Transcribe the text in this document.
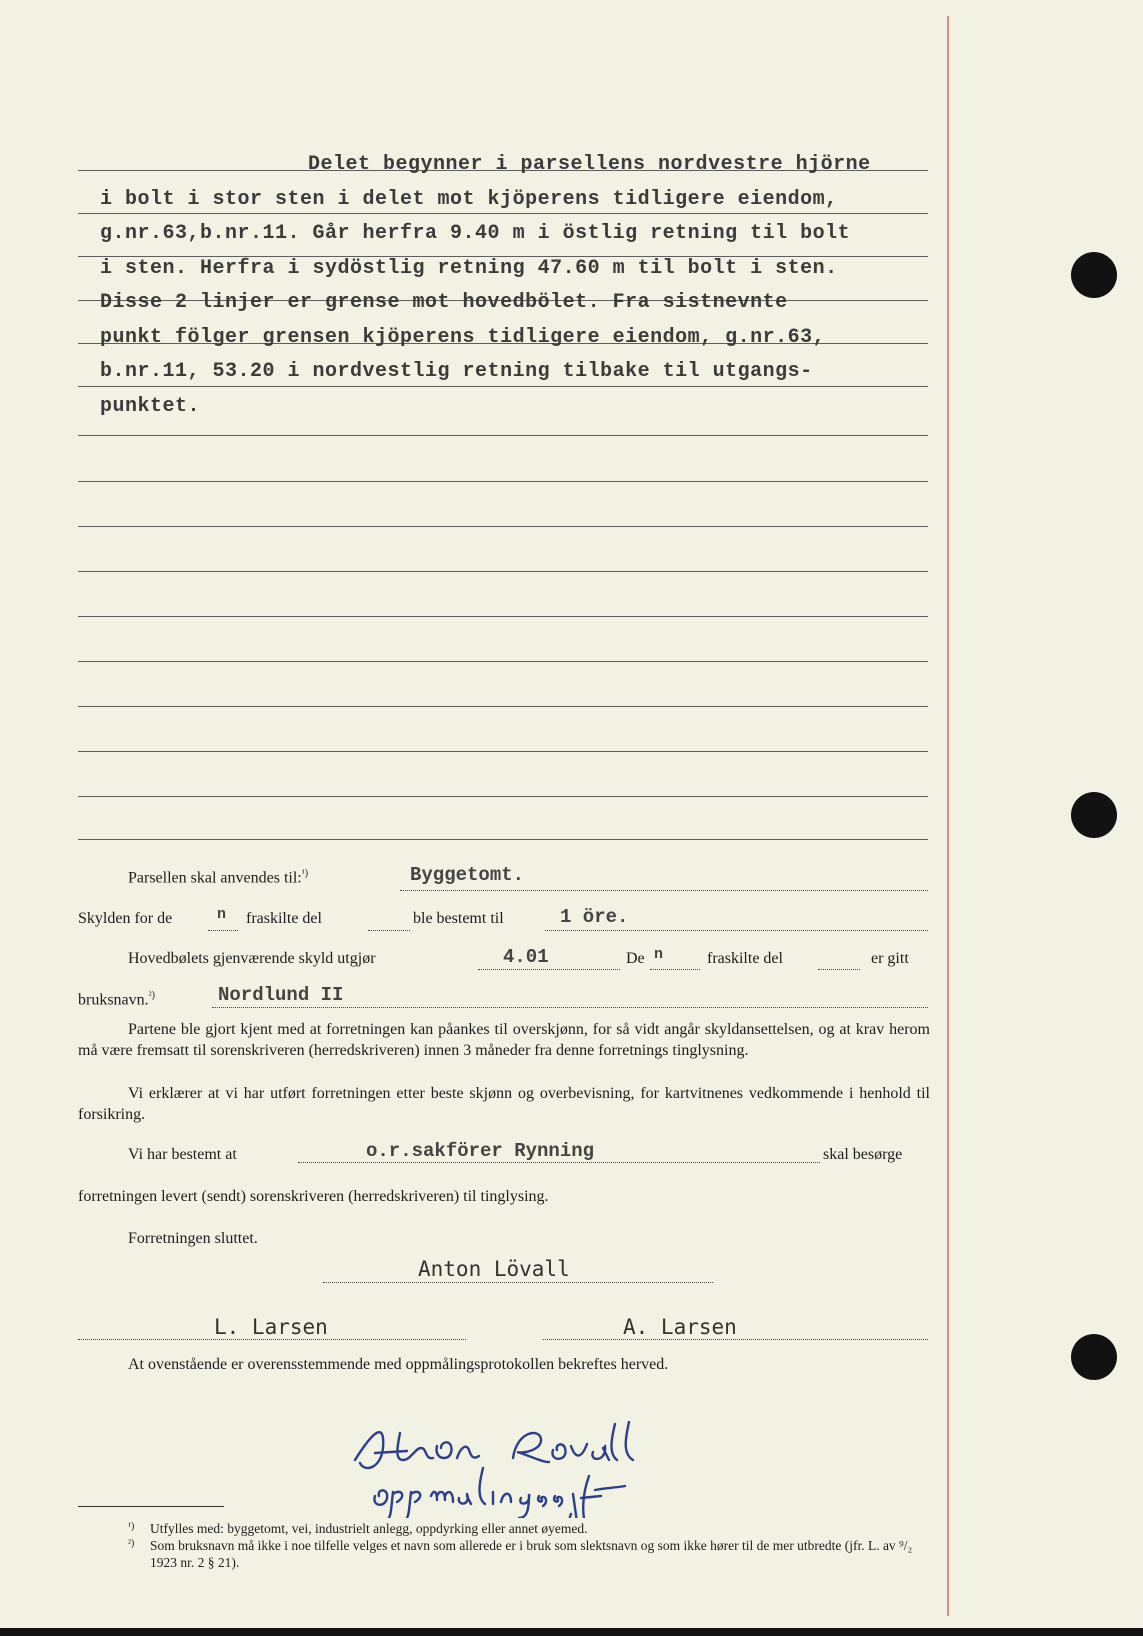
Delet begynner i parsellens nordvestre hjörne
i bolt i stor sten i delet mot kjöperens tidligere eiendom,
g.nr.63,b.nr.11. Går herfra 9.40 m i östlig retning til bolt
i sten. Herfra i sydöstlig retning 47.60 m til bolt i sten.
Disse 2 linjer er grense mot hovedbölet. Fra sistnevnte
punkt fölger grensen kjöperens tidligere eiendom, g.nr.63,
b.nr.11, 53.20 i nordvestlig retning tilbake til utgangs-
punktet.
Parsellen skal anvendes til:$^{^1)}$	Byggetomt.
Skylden for de	n fraskilte del	ble bestemt til	1 öre.
Hovedbølets gjenværende skyld utgjør	4.01	De n	fraskilte del	er gitt
bruksnavn.$^{^2)}$	Nordlund II
Partene ble gjort kjent med at forretningen kan påankes til overskjønn, for så vidt angår skyldansettelsen, og at krav herom må være fremsatt til sorenskriveren (herredskriveren) innen 3 måneder fra denne forretnings tinglysning.
Vi erklærer at vi har utført forretningen etter beste skjønn og overbevisning, for kartvitnenes vedkommende i henhold til forsikring.
Vi har bestemt at	o.r.sakförer Rynning	skal besørge
forretningen levert (sendt) sorenskriveren (herredskriveren) til tinglysing.
Forretningen sluttet.
Anton Lövall
L. Larsen	A. Larsen
At ovenstående er overensstemmende med oppmålingsprotokollen bekreftes herved.
¹) Utfylles med: byggetomt, vei, industrielt anlegg, oppdyrking eller annet øyemed.
²) Som bruksnavn må ikke i noe tilfelle velges et navn som allerede er i bruk som slektsnavn og som ikke hører til de mer utbredte (jfr. L. av ⁹/₂ 1923 nr. 2 § 21).
